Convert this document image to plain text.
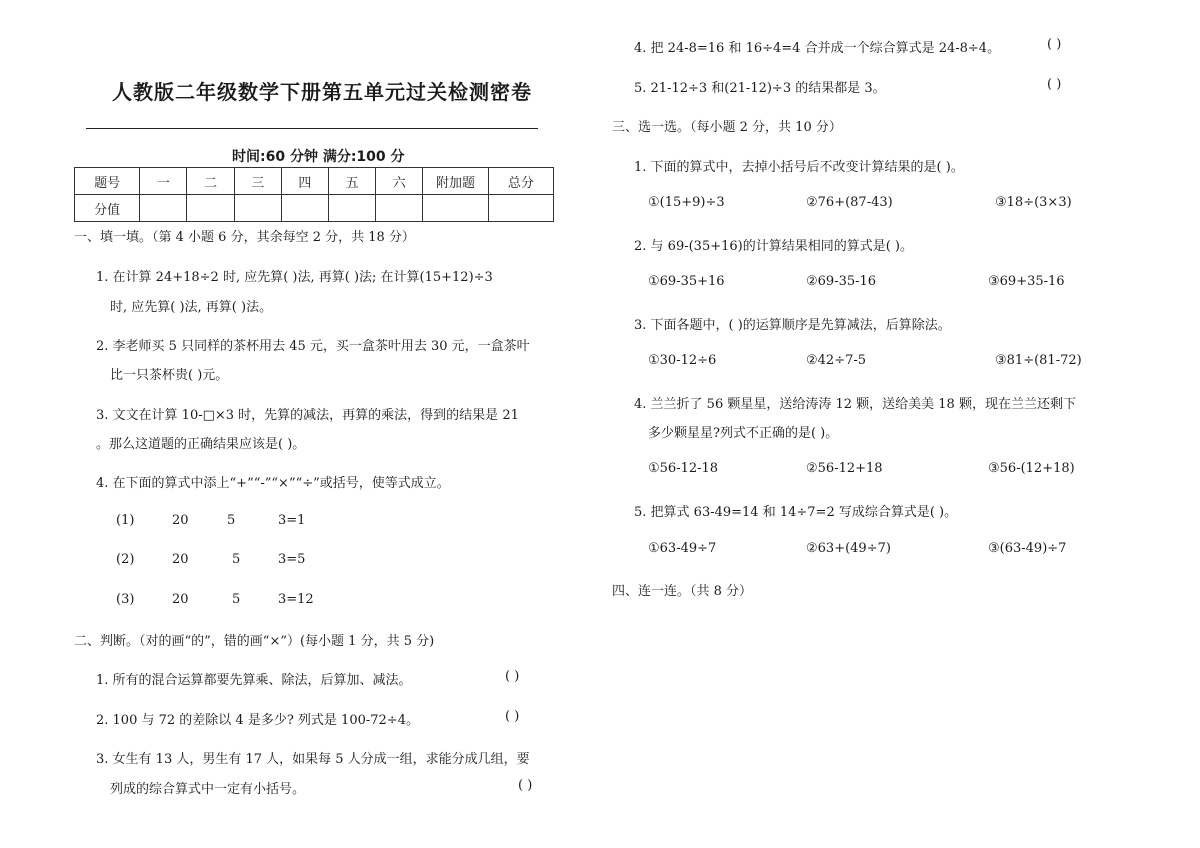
人教版二年级数学下册第五单元过关检测密卷
时间:60 分钟 满分:100 分
题号	一	二	三	四	五	六	附加题	总分
分值								
一、填一填。（第 4 小题 6 分，其余每空 2 分，共 18 分）
1. 在计算 24+18÷2 时, 应先算( )法, 再算( )法; 在计算(15+12)÷3
时, 应先算( )法, 再算( )法。
2. 李老师买 5 只同样的茶杯用去 45 元，买一盒茶叶用去 30 元，一盒茶叶
比一只茶杯贵( )元。
3. 文文在计算 10-□×3 时，先算的减法，再算的乘法，得到的结果是 21
。那么这道题的正确结果应该是( )。
4. 在下面的算式中添上“+”“-”“×”“÷”或括号，使等式成立。
(1)	20	5	3=1
(2)	20	5	3=5
(3)	20	5	3=12
二、判断。（对的画“的”，错的画“×”）(每小题 1 分，共 5 分)
1. 所有的混合运算都要先算乘、除法，后算加、减法。	( )
2. 100 与 72 的差除以 4 是多少? 列式是 100-72÷4。	( )
3. 女生有 13 人，男生有 17 人，如果每 5 人分成一组，求能分成几组，要
列成的综合算式中一定有小括号。	( )
4. 把 24-8=16 和 16÷4=4 合并成一个综合算式是 24-8÷4。	( )
5. 21-12÷3 和(21-12)÷3 的结果都是 3。	( )
三、选一选。（每小题 2 分，共 10 分）
1. 下面的算式中，去掉小括号后不改变计算结果的是( )。
①(15+9)÷3	②76+(87-43)	③18÷(3×3)
2. 与 69-(35+16)的计算结果相同的算式是( )。
①69-35+16	②69-35-16	③69+35-16
3. 下面各题中，( )的运算顺序是先算减法，后算除法。
①30-12÷6	②42÷7-5	③81÷(81-72)
4. 兰兰折了 56 颗星星，送给涛涛 12 颗，送给美美 18 颗，现在兰兰还剩下
多少颗星星?列式不正确的是( )。
①56-12-18	②56-12+18	③56-(12+18)
5. 把算式 63-49=14 和 14÷7=2 写成综合算式是( )。
①63-49÷7	②63+(49÷7)	③(63-49)÷7
四、连一连。（共 8 分）
